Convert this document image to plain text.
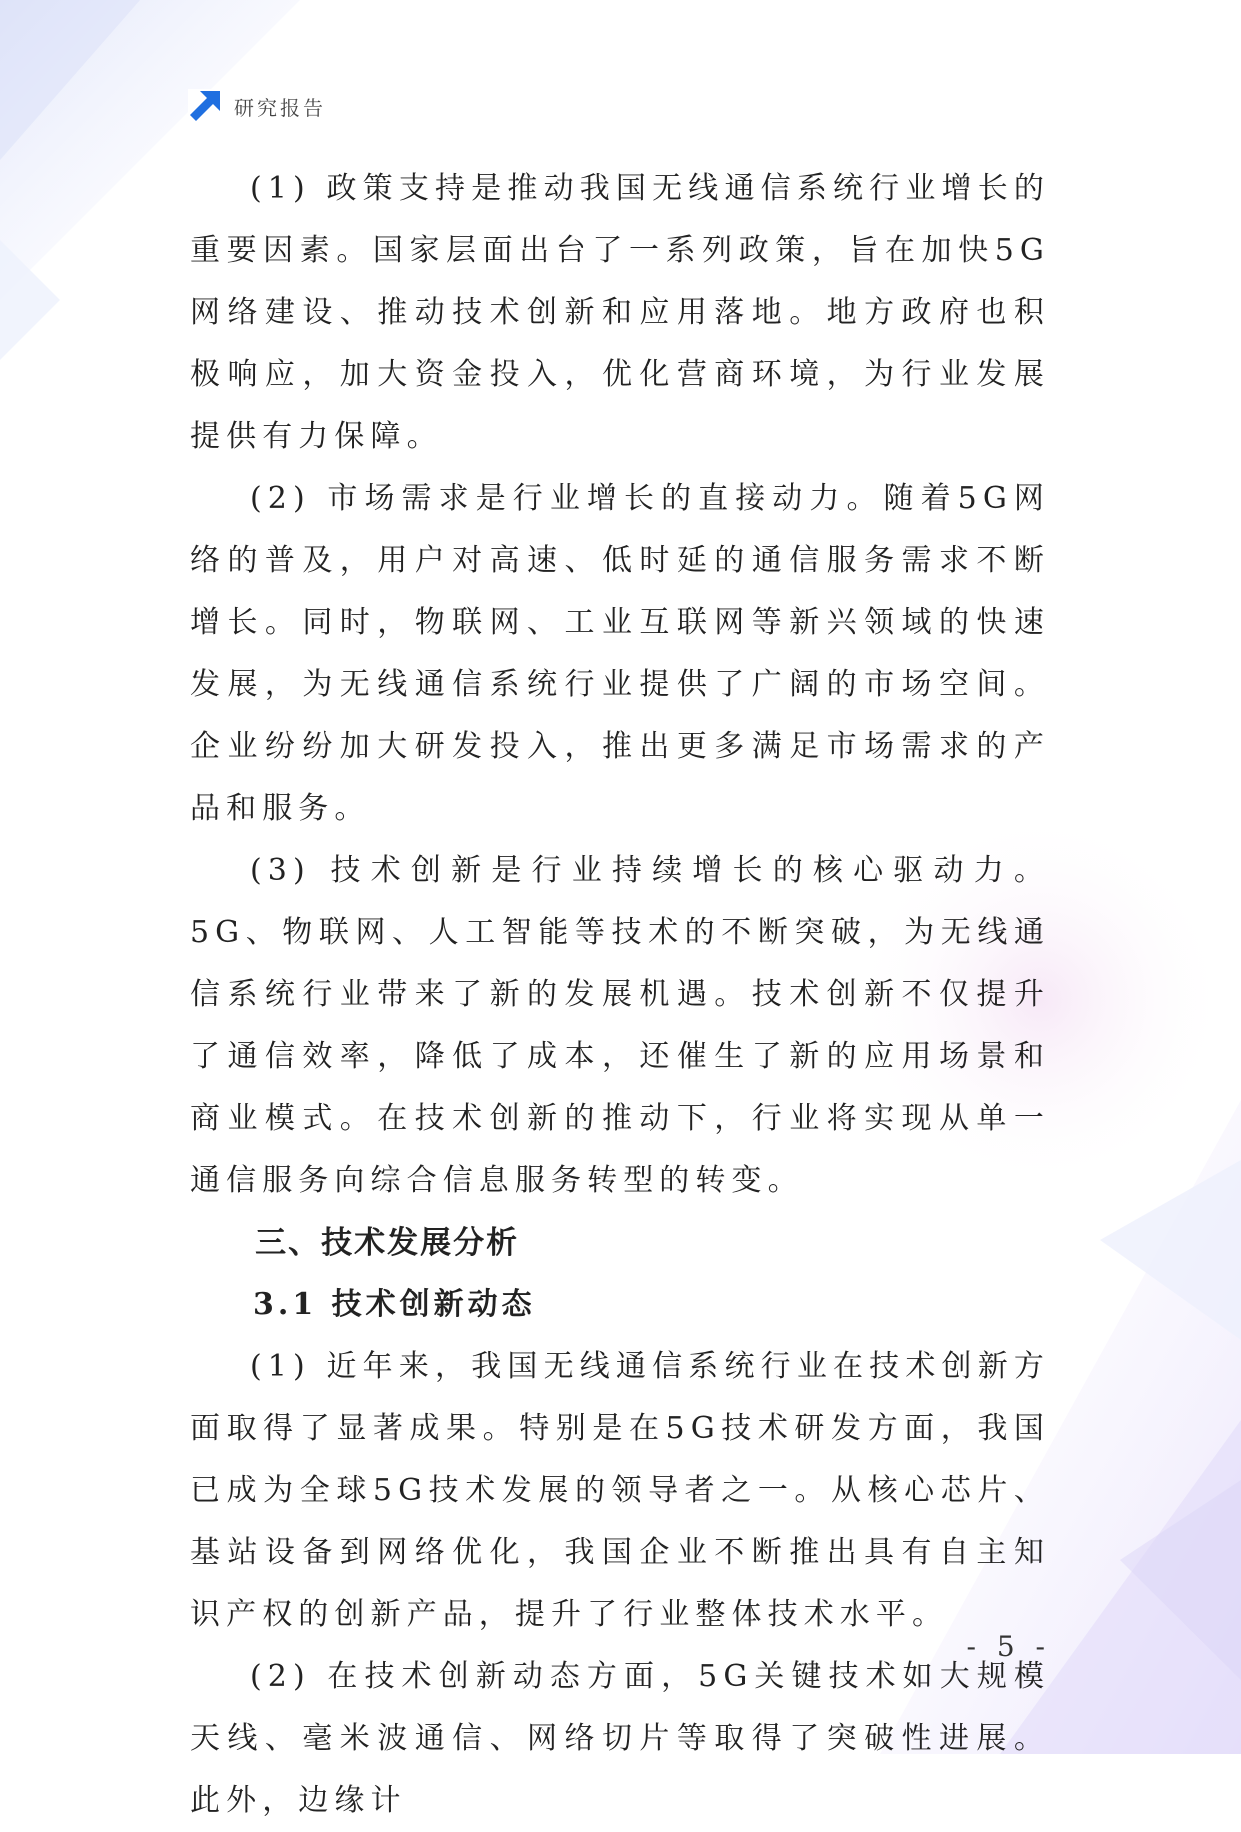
研究报告

(1) 政策支持是推动我国无线通信系统行业增长的重要因素。国家层面出台了一系列政策，旨在加快5G网络建设、推动技术创新和应用落地。地方政府也积极响应，加大资金投入，优化营商环境，为行业发展提供有力保障。

(2) 市场需求是行业增长的直接动力。随着5G网络的普及，用户对高速、低时延的通信服务需求不断增长。同时，物联网、工业互联网等新兴领域的快速发展，为无线通信系统行业提供了广阔的市场空间。企业纷纷加大研发投入，推出更多满足市场需求的产品和服务。

(3) 技术创新是行业持续增长的核心驱动力。5G、物联网、人工智能等技术的不断突破，为无线通信系统行业带来了新的发展机遇。技术创新不仅提升了通信效率，降低了成本，还催生了新的应用场景和商业模式。在技术创新的推动下，行业将实现从单一通信服务向综合信息服务转型的转变。

三、技术发展分析
3.1 技术创新动态

(1) 近年来，我国无线通信系统行业在技术创新方面取得了显著成果。特别是在5G技术研发方面，我国已成为全球5G技术发展的领导者之一。从核心芯片、基站设备到网络优化，我国企业不断推出具有自主知识产权的创新产品，提升了行业整体技术水平。

(2) 在技术创新动态方面，5G关键技术如大规模天线、毫米波通信、网络切片等取得了突破性进展。此外，边缘计

- 5 -
